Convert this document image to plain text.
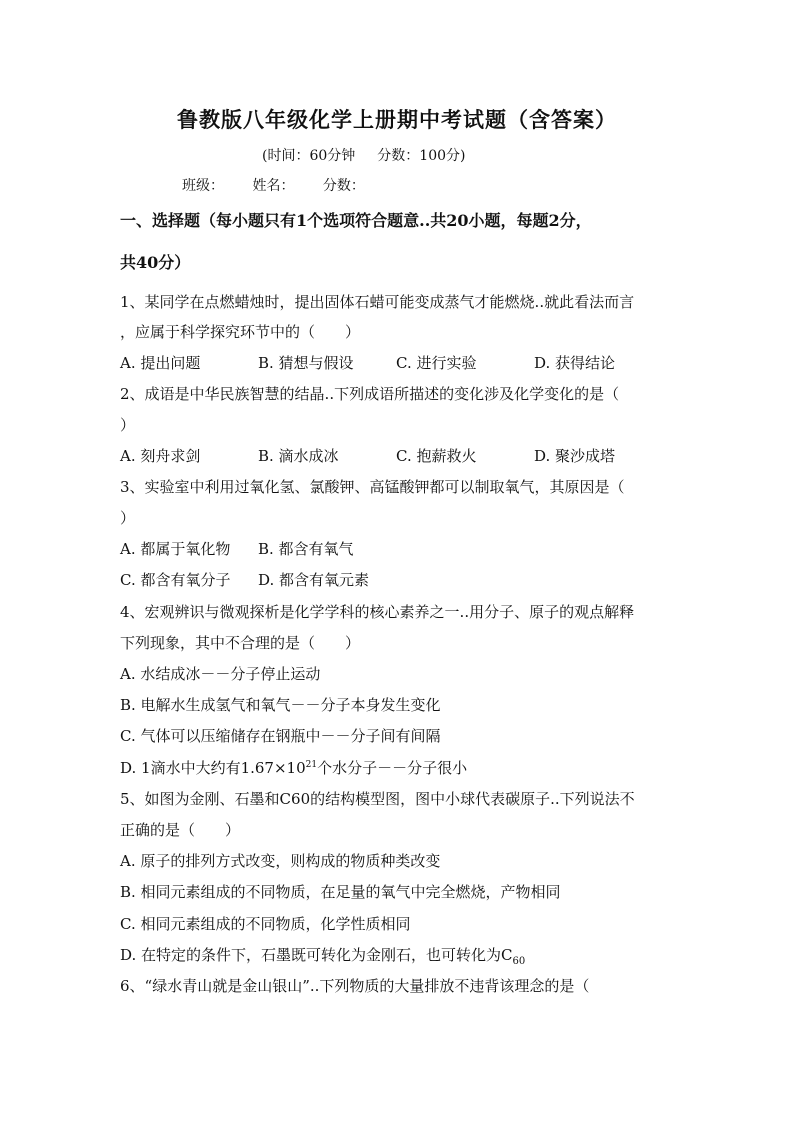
鲁教版八年级化学上册期中考试题（含答案）
(时间：60分钟 分数：100分)
班级： 姓名： 分数：
一、选择题（每小题只有1个选项符合题意..共20小题，每题2分，
共40分）
1、某同学在点燃蜡烛时，提出固体石蜡可能变成蒸气才能燃烧..就此看法而言
，应属于科学探究环节中的（　　）
A. 提出问题	B. 猜想与假设	C. 进行实验	D. 获得结论
2、成语是中华民族智慧的结晶..下列成语所描述的变化涉及化学变化的是（
）
A. 刻舟求剑	B. 滴水成冰	C. 抱薪救火	D. 聚沙成塔
3、实验室中利用过氧化氢、氯酸钾、高锰酸钾都可以制取氧气，其原因是（
）
A. 都属于氧化物 B. 都含有氧气
C. 都含有氧分子 D. 都含有氧元素
4、宏观辨识与微观探析是化学学科的核心素养之一..用分子、原子的观点解释
下列现象，其中不合理的是（　　）
A. 水结成冰－－分子停止运动
B. 电解水生成氢气和氧气－－分子本身发生变化
C. 气体可以压缩储存在钢瓶中－－分子间有间隔
D. 1滴水中大约有$1.67\times 10^{21}$个水分子－－分子很小
5、如图为金刚、石墨和C60的结构模型图，图中小球代表碳原子..下列说法不
正确的是（　　）
A. 原子的排列方式改变，则构成的物质种类改变
B. 相同元素组成的不同物质，在足量的氧气中完全燃烧，产物相同
C. 相同元素组成的不同物质，化学性质相同
D. 在特定的条件下，石墨既可转化为金刚石，也可转化为$C_{60}$
6、“绿水青山就是金山银山”..下列物质的大量排放不违背该理念的是（
